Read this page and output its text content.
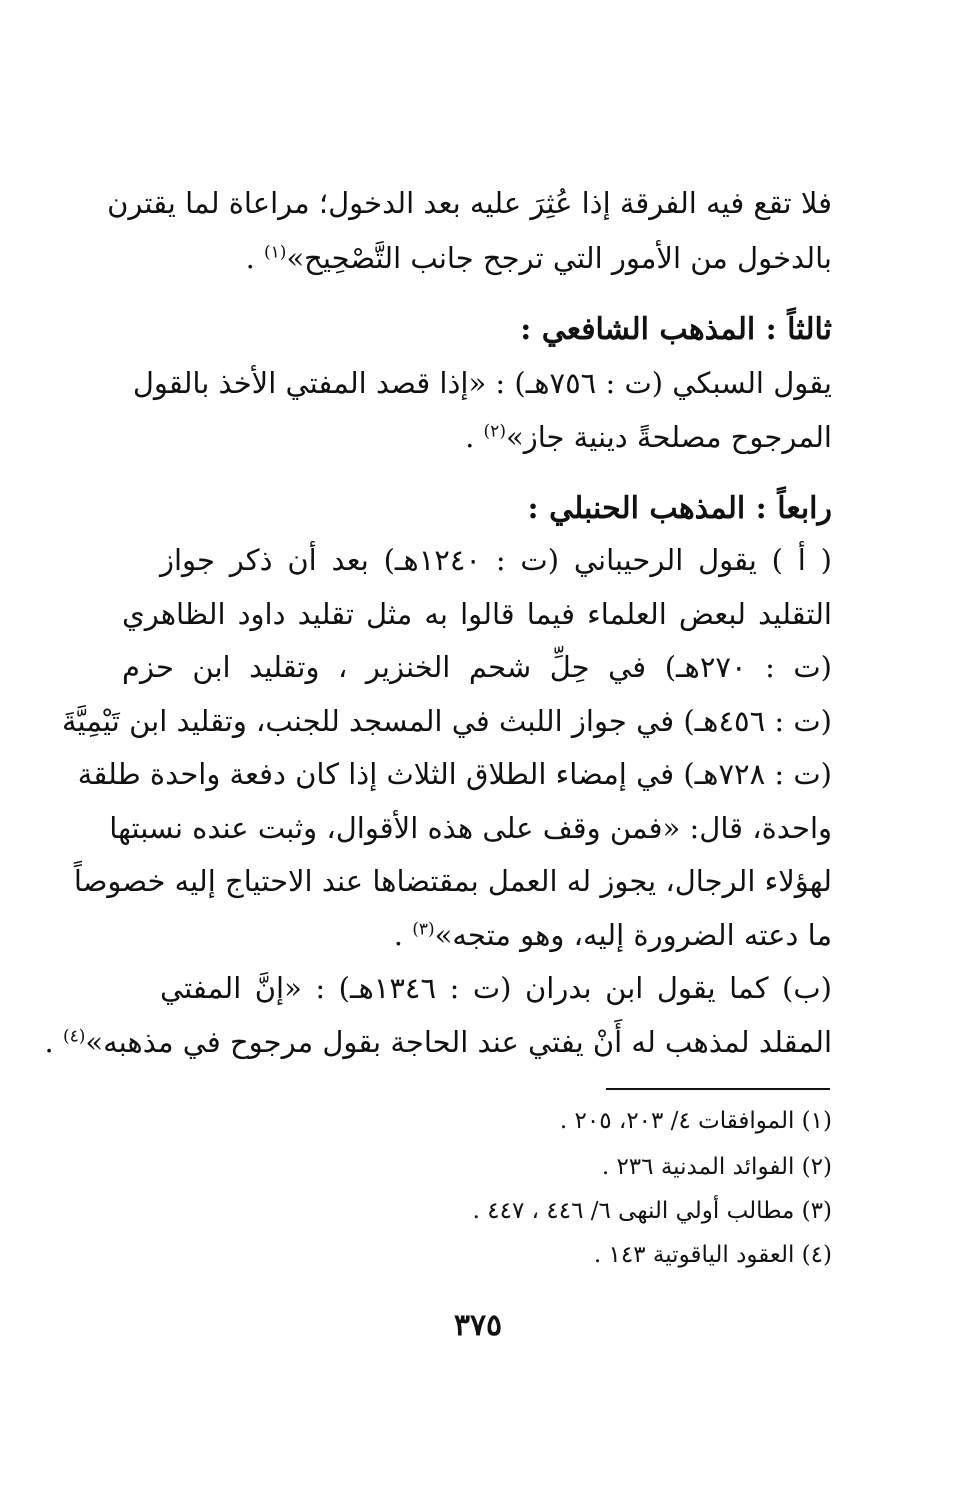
فلا تقع فيه الفرقة إذا عُثِرَ عليه بعد الدخول؛ مراعاة لما يقترن
بالدخول من الأمور التي ترجح جانب التَّصْحِيح»$^{(١)}$ .
ثالثاً : المذهب الشافعي :
يقول السبكي (ت : ٧٥٦هـ) : «إذا قصد المفتي الأخذ بالقول
المرجوح مصلحةً دينية جاز»$^{(٢)}$ .
رابعاً : المذهب الحنبلي :
( أ ) يقول الرحيباني (ت : ١٢٤٠هـ) بعد أن ذكر جواز
التقليد لبعض العلماء فيما قالوا به مثل تقليد داود الظاهري
(ت : ٢٧٠هـ) في حِلِّ شحم الخنزير ، وتقليد ابن حزم
(ت : ٤٥٦هـ) في جواز اللبث في المسجد للجنب، وتقليد ابن تَيْمِيَّةَ
(ت : ٧٢٨هـ) في إمضاء الطلاق الثلاث إذا كان دفعة واحدة طلقة
واحدة، قال: «فمن وقف على هذه الأقوال، وثبت عنده نسبتها
لهؤلاء الرجال، يجوز له العمل بمقتضاها عند الاحتياج إليه خصوصاً
ما دعته الضرورة إليه، وهو متجه»$^{(٣)}$ .
(ب) كما يقول ابن بدران (ت : ١٣٤٦هـ) : «إنَّ المفتي
المقلد لمذهب له أَنْ يفتي عند الحاجة بقول مرجوح في مذهبه»$^{(٤)}$ .
(١) الموافقات ٤/ ٢٠٣، ٢٠٥ .
(٢) الفوائد المدنية ٢٣٦ .
(٣) مطالب أولي النهى ٦/ ٤٤٦ ، ٤٤٧ .
(٤) العقود الياقوتية ١٤٣ .
٣٧٥
